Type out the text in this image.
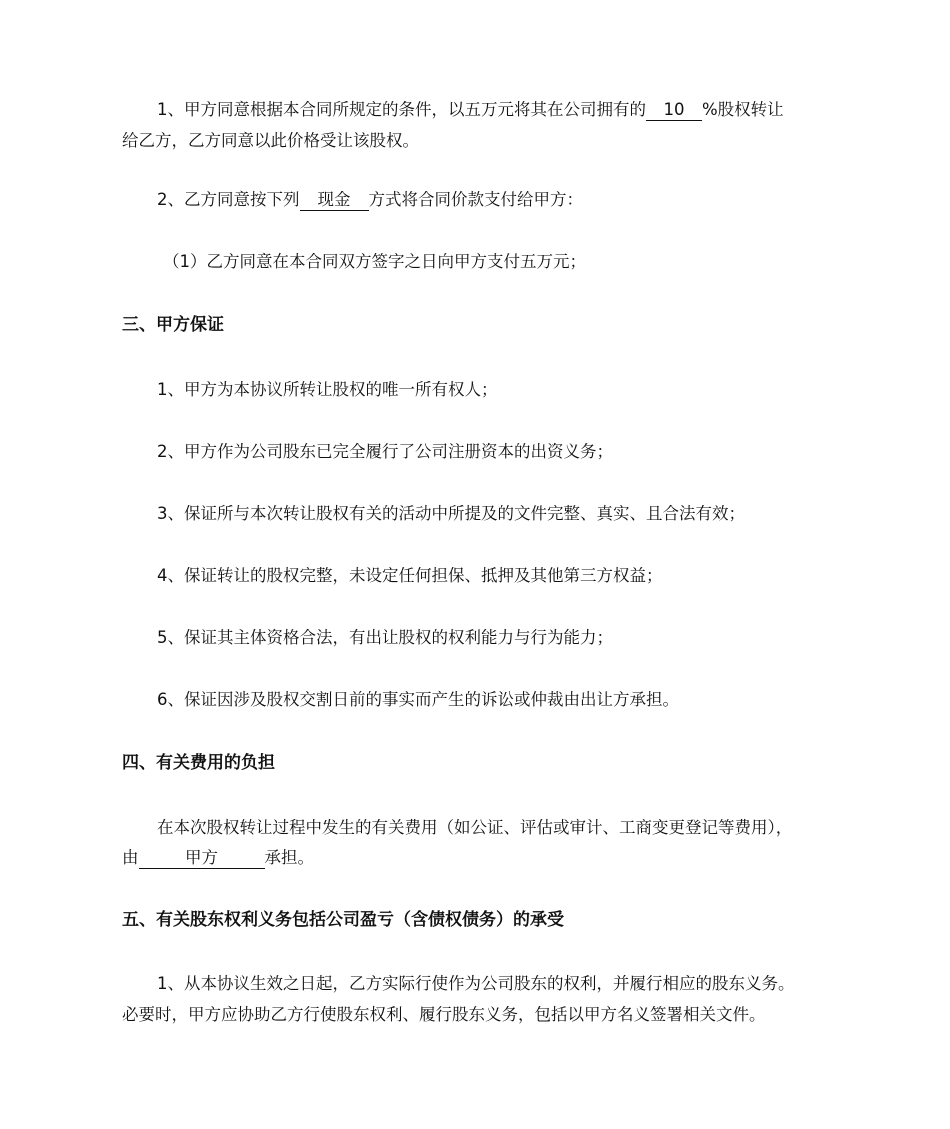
1、甲方同意根据本合同所规定的条件，以五万元将其在公司拥有的 10 %股权转让
给乙方，乙方同意以此价格受让该股权。
2、乙方同意按下列 现金 方式将合同价款支付给甲方：
（1）乙方同意在本合同双方签字之日向甲方支付五万元；
三、甲方保证
1、甲方为本协议所转让股权的唯一所有权人；
2、甲方作为公司股东已完全履行了公司注册资本的出资义务；
3、保证所与本次转让股权有关的活动中所提及的文件完整、真实、且合法有效；
4、保证转让的股权完整，未设定任何担保、抵押及其他第三方权益；
5、保证其主体资格合法，有出让股权的权利能力与行为能力；
6、保证因涉及股权交割日前的事实而产生的诉讼或仲裁由出让方承担。
四、有关费用的负担
在本次股权转让过程中发生的有关费用（如公证、评估或审计、工商变更登记等费用），
由	甲方	承担。
五、有关股东权利义务包括公司盈亏（含债权债务）的承受
1、从本协议生效之日起，乙方实际行使作为公司股东的权利，并履行相应的股东义务。
必要时，甲方应协助乙方行使股东权利、履行股东义务，包括以甲方名义签署相关文件。
